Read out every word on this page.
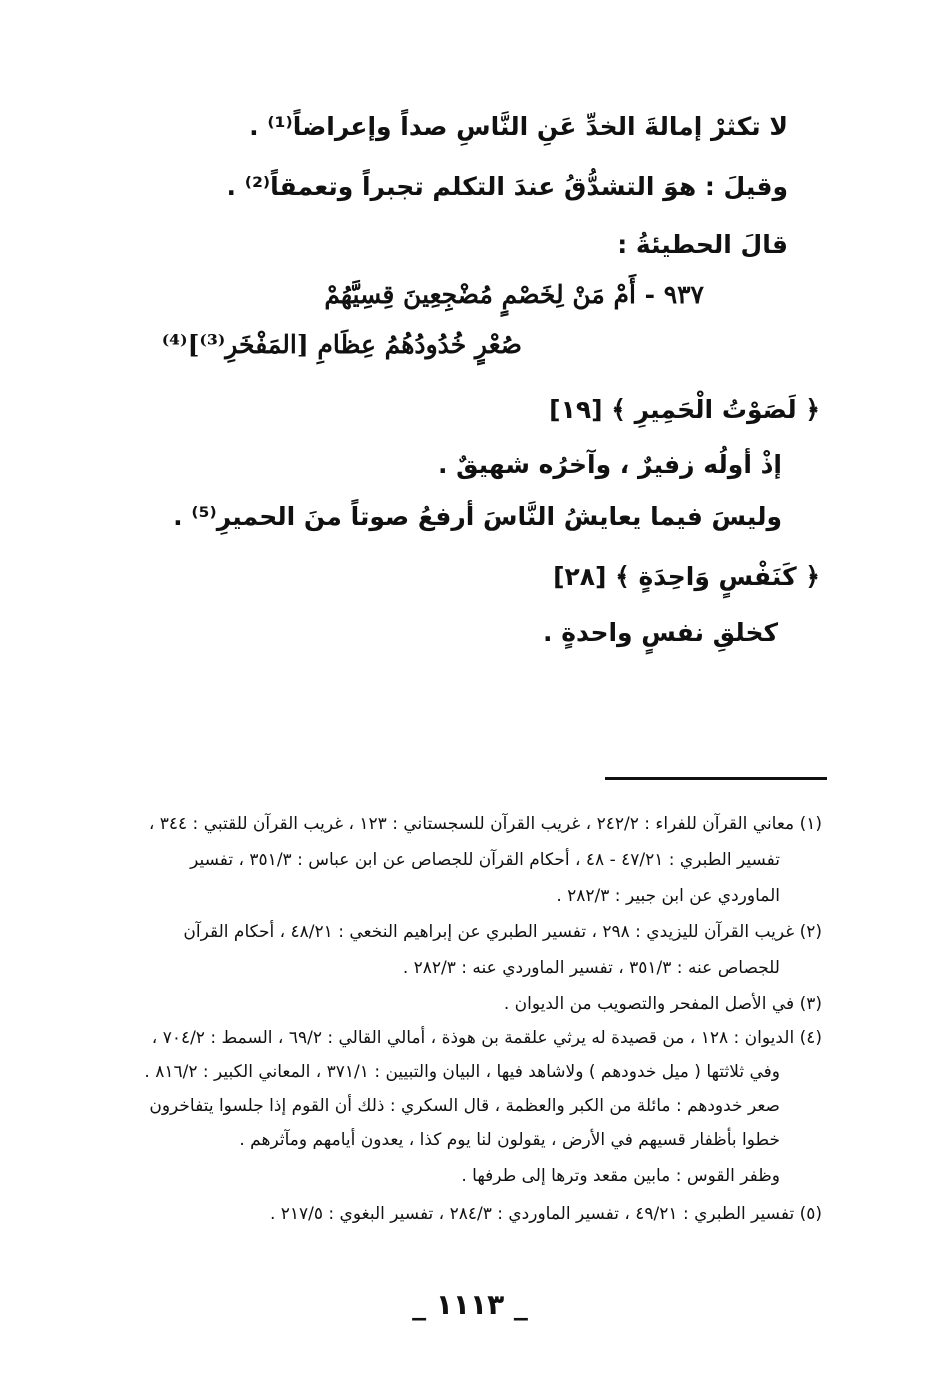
لا تكثرْ إمالةَ الخدِّ عَنِ النَّاسِ صداً وإعراضاً⁽¹⁾ .
وقيلَ : هوَ التشدُّقُ عندَ التكلم تجبراً وتعمقاً⁽²⁾ .
قالَ الحطيئةُ :
٩٣٧ - أَمْ مَنْ لِخَصْمٍ مُضْجِعِينَ قِسِيَّهُمْ
صُعْرٍ خُدُودُهُمُ عِظَامِ [المَفْخَرِ⁽³⁾]⁽⁴⁾
﴿ لَصَوْتُ الْحَمِيرِ ﴾ [١٩]
إذْ أولُه زفيرٌ ، وآخرُه شهيقٌ .
وليسَ فيما يعايشُ النَّاسَ أرفعُ صوتاً منَ الحميرِ⁽⁵⁾ .
﴿ كَنَفْسٍ وَاحِدَةٍ ﴾ [٢٨]
كخلقِ نفسٍ واحدةٍ .
(١) معاني القرآن للفراء : ٢٤٢/٢ ، غريب القرآن للسجستاني : ١٢٣ ، غريب القرآن للقتبي : ٣٤٤ ،
تفسير الطبري : ٤٧/٢١ - ٤٨ ، أحكام القرآن للجصاص عن ابن عباس : ٣٥١/٣ ، تفسير
الماوردي عن ابن جبير : ٢٨٢/٣ .
(٢) غريب القرآن لليزيدي : ٢٩٨ ، تفسير الطبري عن إبراهيم النخعي : ٤٨/٢١ ، أحكام القرآن
للجصاص عنه : ٣٥١/٣ ، تفسير الماوردي عنه : ٢٨٢/٣ .
(٣) في الأصل المفحر والتصويب من الديوان .
(٤) الديوان : ١٢٨ ، من قصيدة له يرثي علقمة بن هوذة ، أمالي القالي : ٦٩/٢ ، السمط : ٧٠٤/٢ ،
وفي ثلاثتها ( ميل خدودهم ) ولاشاهد فيها ، البيان والتبيين : ٣٧١/١ ، المعاني الكبير : ٨١٦/٢ .
صعر خدودهم : مائلة من الكبر والعظمة ، قال السكري : ذلك أن القوم إذا جلسوا يتفاخرون
خطوا بأظفار قسيهم في الأرض ، يقولون لنا يوم كذا ، يعدون أيامهم ومآثرهم .
وظفر القوس : مابين مقعد وترها إلى طرفها .
(٥) تفسير الطبري : ٤٩/٢١ ، تفسير الماوردي : ٢٨٤/٣ ، تفسير البغوي : ٢١٧/٥ .
_ ١١١٣ _
